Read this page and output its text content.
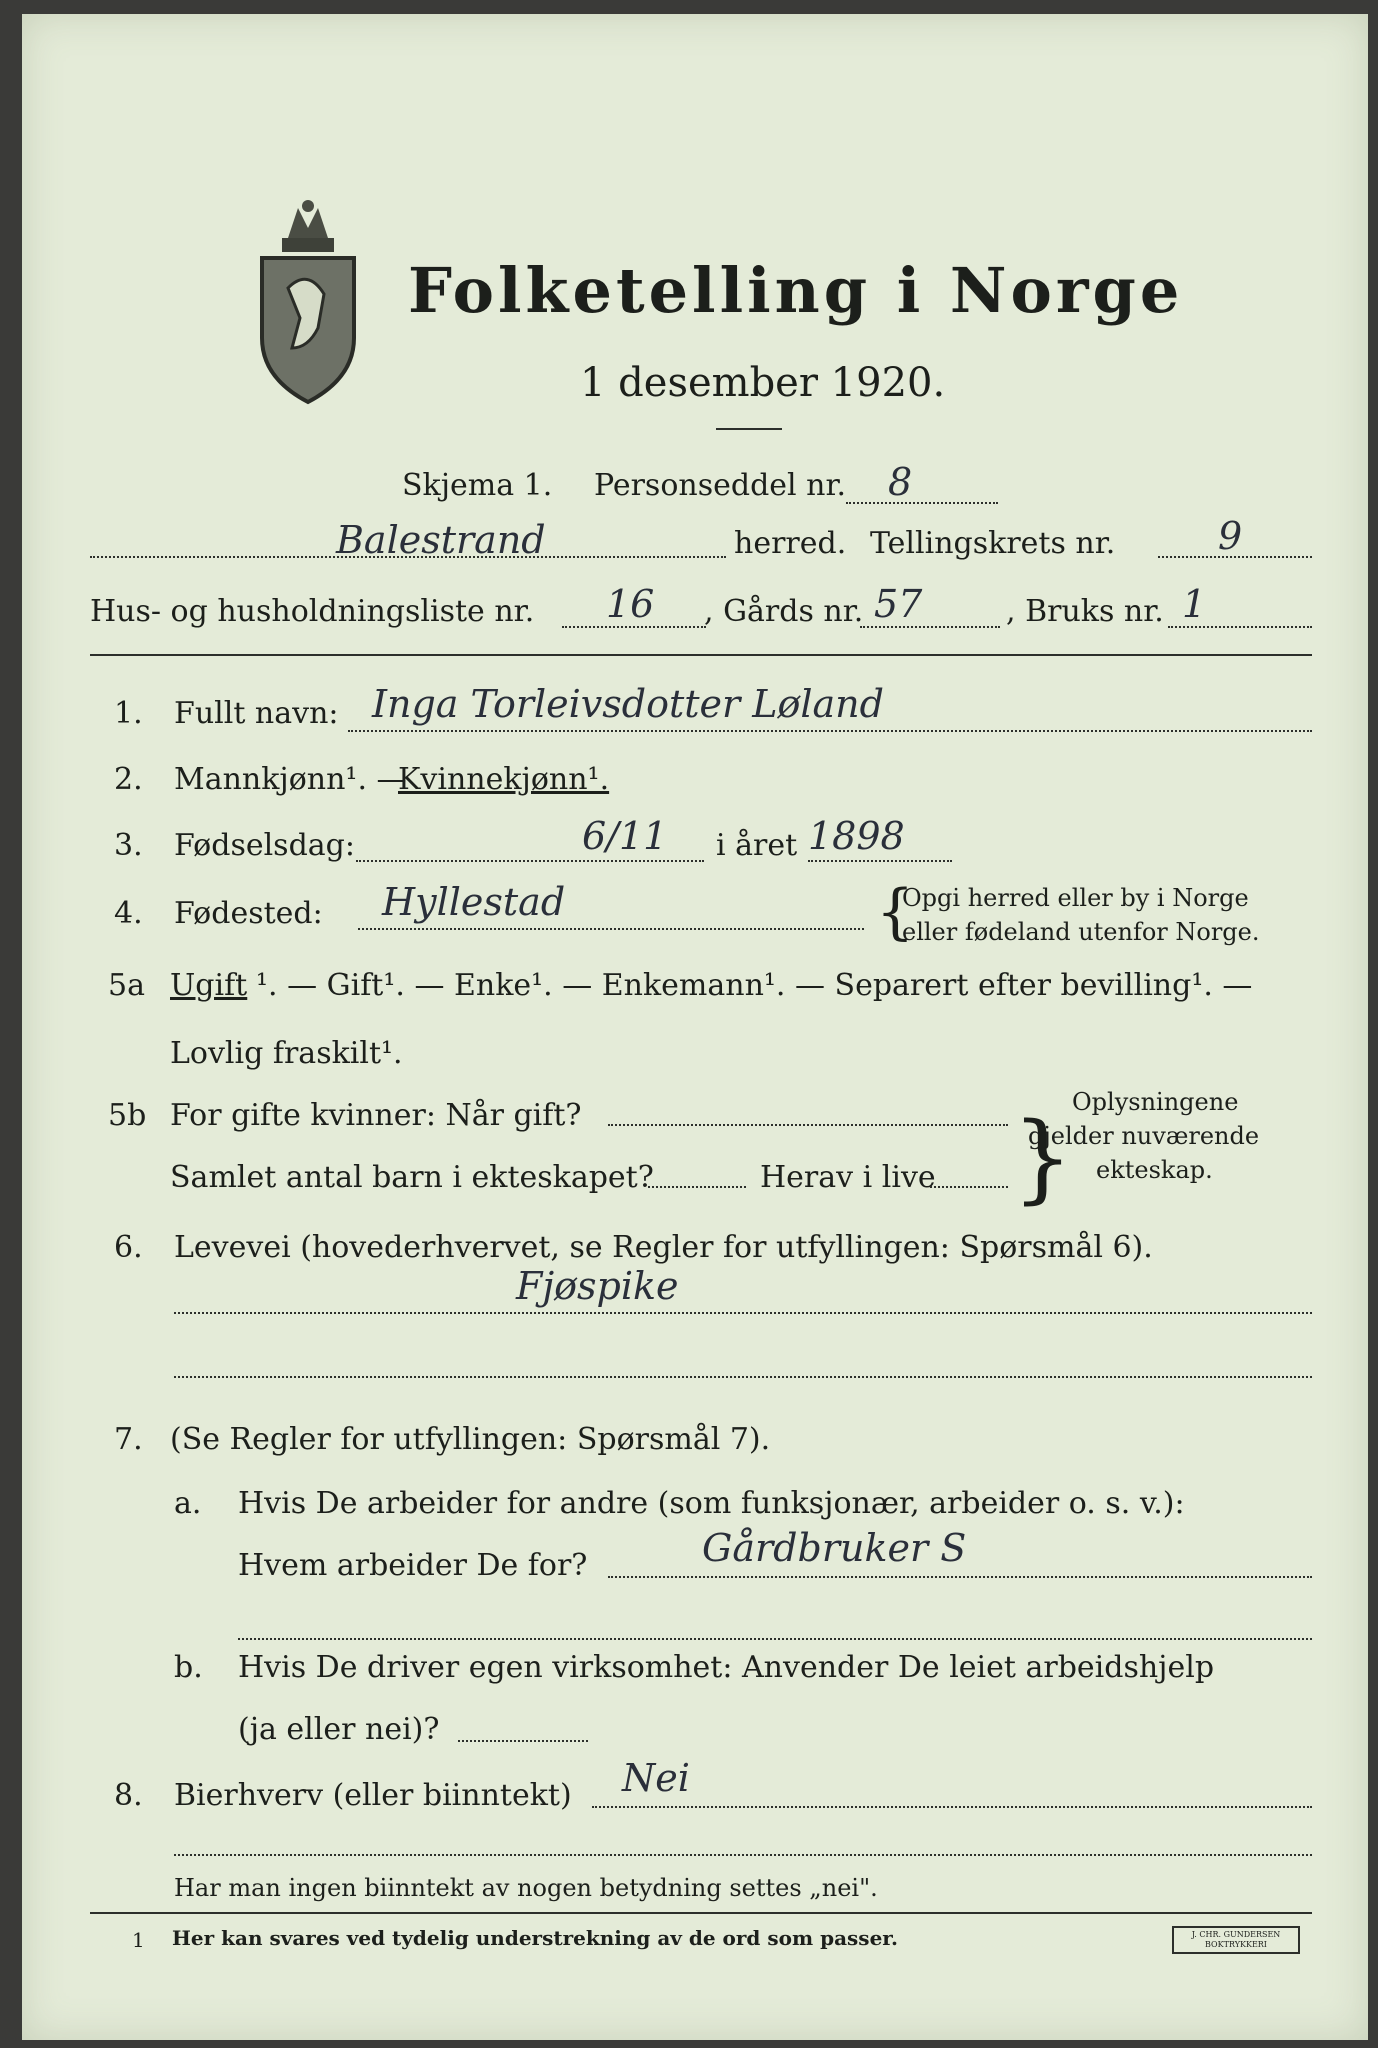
Folketelling i Norge
1 desember 1920.
Skjema 1. Personseddel nr. 8
Balestrand	herred. Tellingskrets nr.	9
Hus- og husholdningsliste nr. 16 , Gårds nr. 57	, Bruks nr. 1
1. Fullt navn: Inga Torleivsdotter Løland
2. Mannkjønn¹. —
Kvinnekjønn¹.
3. Fødselsdag:	6/11 i året 1898
4. Fødested: Hyllestad	{
Opgi herred eller by i Norge
eller fødeland utenfor Norge.
5a Ugift ¹. — Gift¹. — Enke¹. — Enkemann¹. — Separert efter bevilling¹. —
Lovlig fraskilt¹.
5b For gifte kvinner: Når gift?
Samlet antal barn i ekteskapet?	Herav i live }
Oplysningene
gjelder nuværende
ekteskap.
6. Levevei (hovederhvervet, se Regler for utfyllingen: Spørsmål 6).
Fjøspike
7. (Se Regler for utfyllingen: Spørsmål 7).
a. Hvis De arbeider for andre (som funksjonær, arbeider o. s. v.):
Hvem arbeider De for?	Gårdbruker S
b. Hvis De driver egen virksomhet: Anvender De leiet arbeidshjelp
(ja eller nei)?
8. Bierhverv (eller biinntekt) Nei
Har man ingen biinntekt av nogen betydning settes „nei".
1 Her kan svares ved tydelig understrekning av de ord som passer.	J. CHR. GUNDERSEN BOKTRYKKERI
